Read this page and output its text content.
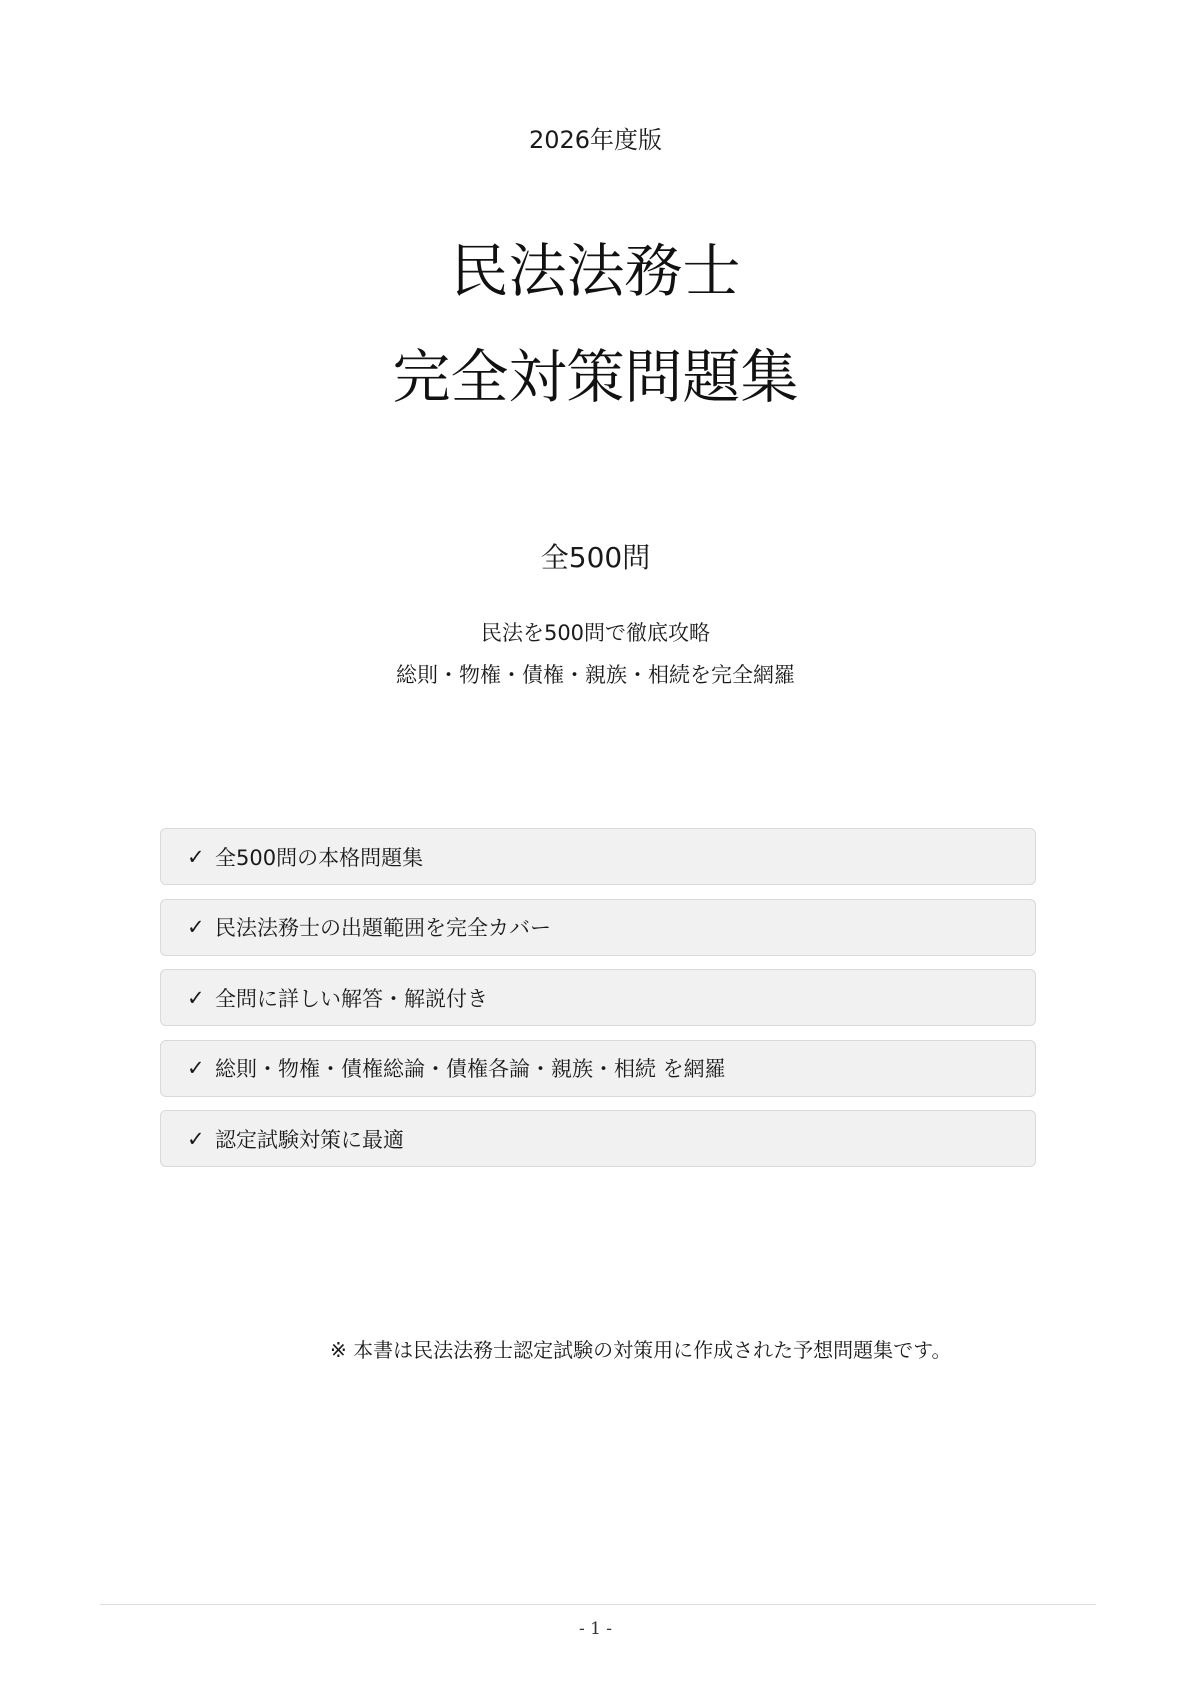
2026年度版
民法法務士
完全対策問題集
全500問
民法を500問で徹底攻略
総則・物権・債権・親族・相続を完全網羅
✓ 全500問の本格問題集
✓ 民法法務士の出題範囲を完全カバー
✓ 全問に詳しい解答・解説付き
✓ 総則・物権・債権総論・債権各論・親族・相続 を網羅
✓ 認定試験対策に最適
※ 本書は民法法務士認定試験の対策用に作成された予想問題集です。
- 1 -
